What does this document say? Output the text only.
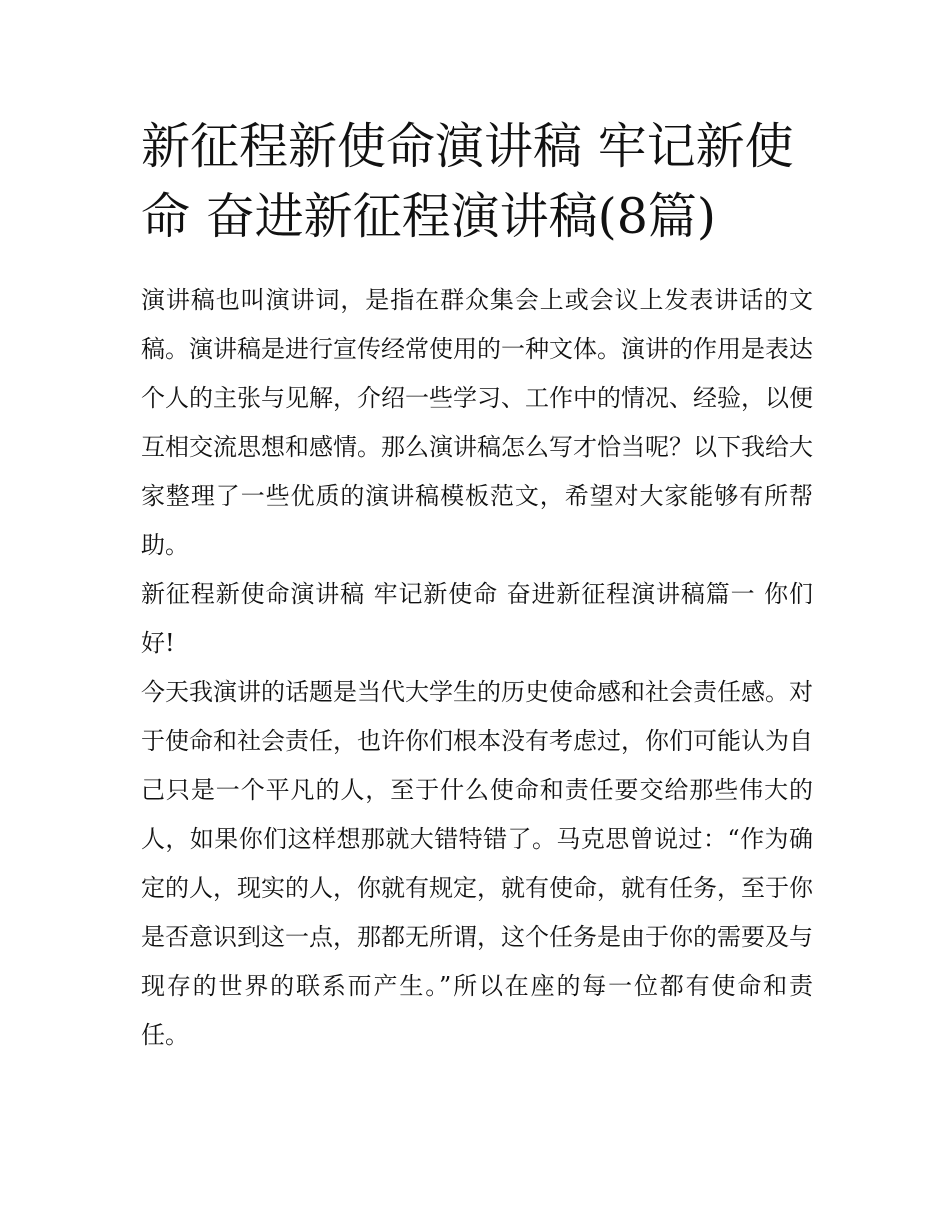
新征程新使命演讲稿 牢记新使命 奋进新征程演讲稿(8篇)

演讲稿也叫演讲词，是指在群众集会上或会议上发表讲话的文稿。演讲稿是进行宣传经常使用的一种文体。演讲的作用是表达个人的主张与见解，介绍一些学习、工作中的情况、经验，以便互相交流思想和感情。那么演讲稿怎么写才恰当呢？以下我给大家整理了一些优质的演讲稿模板范文，希望对大家能够有所帮助。

新征程新使命演讲稿 牢记新使命 奋进新征程演讲稿篇一 你们好!

今天我演讲的话题是当代大学生的历史使命感和社会责任感。对于使命和社会责任，也许你们根本没有考虑过，你们可能认为自己只是一个平凡的人，至于什么使命和责任要交给那些伟大的人，如果你们这样想那就大错特错了。马克思曾说过：“作为确定的人，现实的人，你就有规定，就有使命，就有任务，至于你是否意识到这一点，那都无所谓，这个任务是由于你的需要及与现存的世界的联系而产生。”所以在座的每一位都有使命和责任。
